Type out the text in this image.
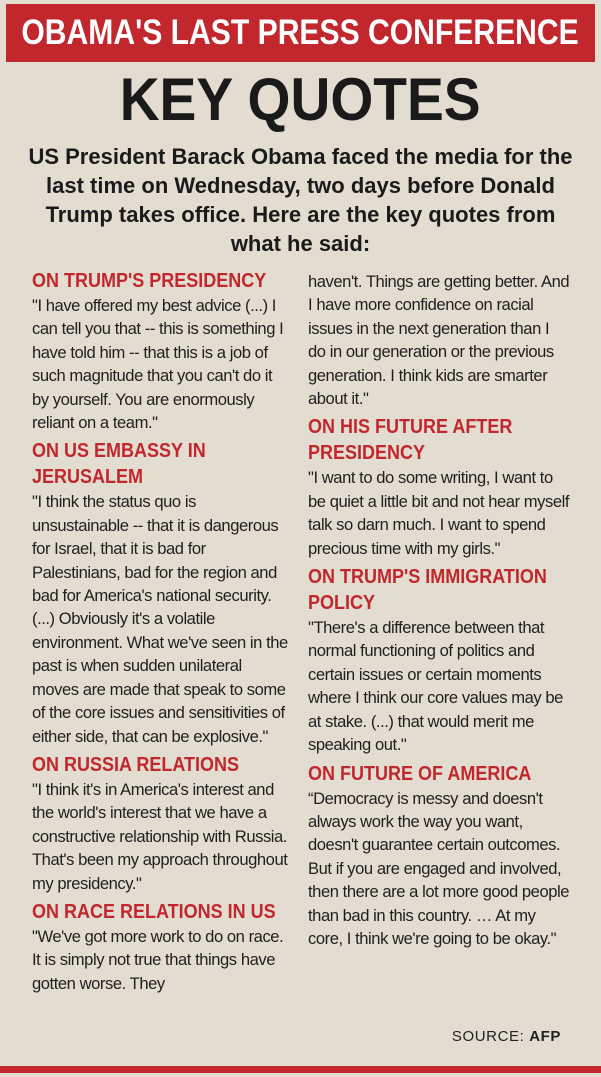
OBAMA'S LAST PRESS CONFERENCE
KEY QUOTES
US President Barack Obama faced the media for the last time on Wednesday, two days before Donald Trump takes office. Here are the key quotes from what he said:
ON TRUMP'S PRESIDENCY

"I have offered my best advice (...) I can tell you that -- this is something I have told him -- that this is a job of such magnitude that you can't do it by yourself. You are enormously reliant on a team."

ON US EMBASSY IN
JERUSALEM

"I think the status quo is unsustainable -- that it is dangerous for Israel, that it is bad for Palestinians, bad for the region and bad for America's national security. (...) Obviously it's a volatile environment. What we've seen in the past is when sudden unilateral moves are made that speak to some of the core issues and sensitivities of either side, that can be explosive."

ON RUSSIA RELATIONS

"I think it's in America's interest and the world's interest that we have a constructive relationship with Russia. That's been my approach throughout my presidency."

ON RACE RELATIONS IN US

"We've got more work to do on race. It is simply not true that things have gotten worse. They

haven't. Things are getting better. And I have more confidence on racial issues in the next generation than I do in our generation or the previous generation. I think kids are smarter about it."

ON HIS FUTURE AFTER
PRESIDENCY

"I want to do some writing, I want to be quiet a little bit and not hear myself talk so darn much. I want to spend precious time with my girls."

ON TRUMP'S IMMIGRATION
POLICY

"There's a difference between that normal functioning of politics and certain issues or certain moments where I think our core values may be at stake. (...) that would merit me speaking out."

ON FUTURE OF AMERICA

“Democracy is messy and doesn't always work the way you want, doesn't guarantee certain outcomes. But if you are engaged and involved, then there are a lot more good people than bad in this country. … At my core, I think we're going to be okay."

SOURCE: AFP
